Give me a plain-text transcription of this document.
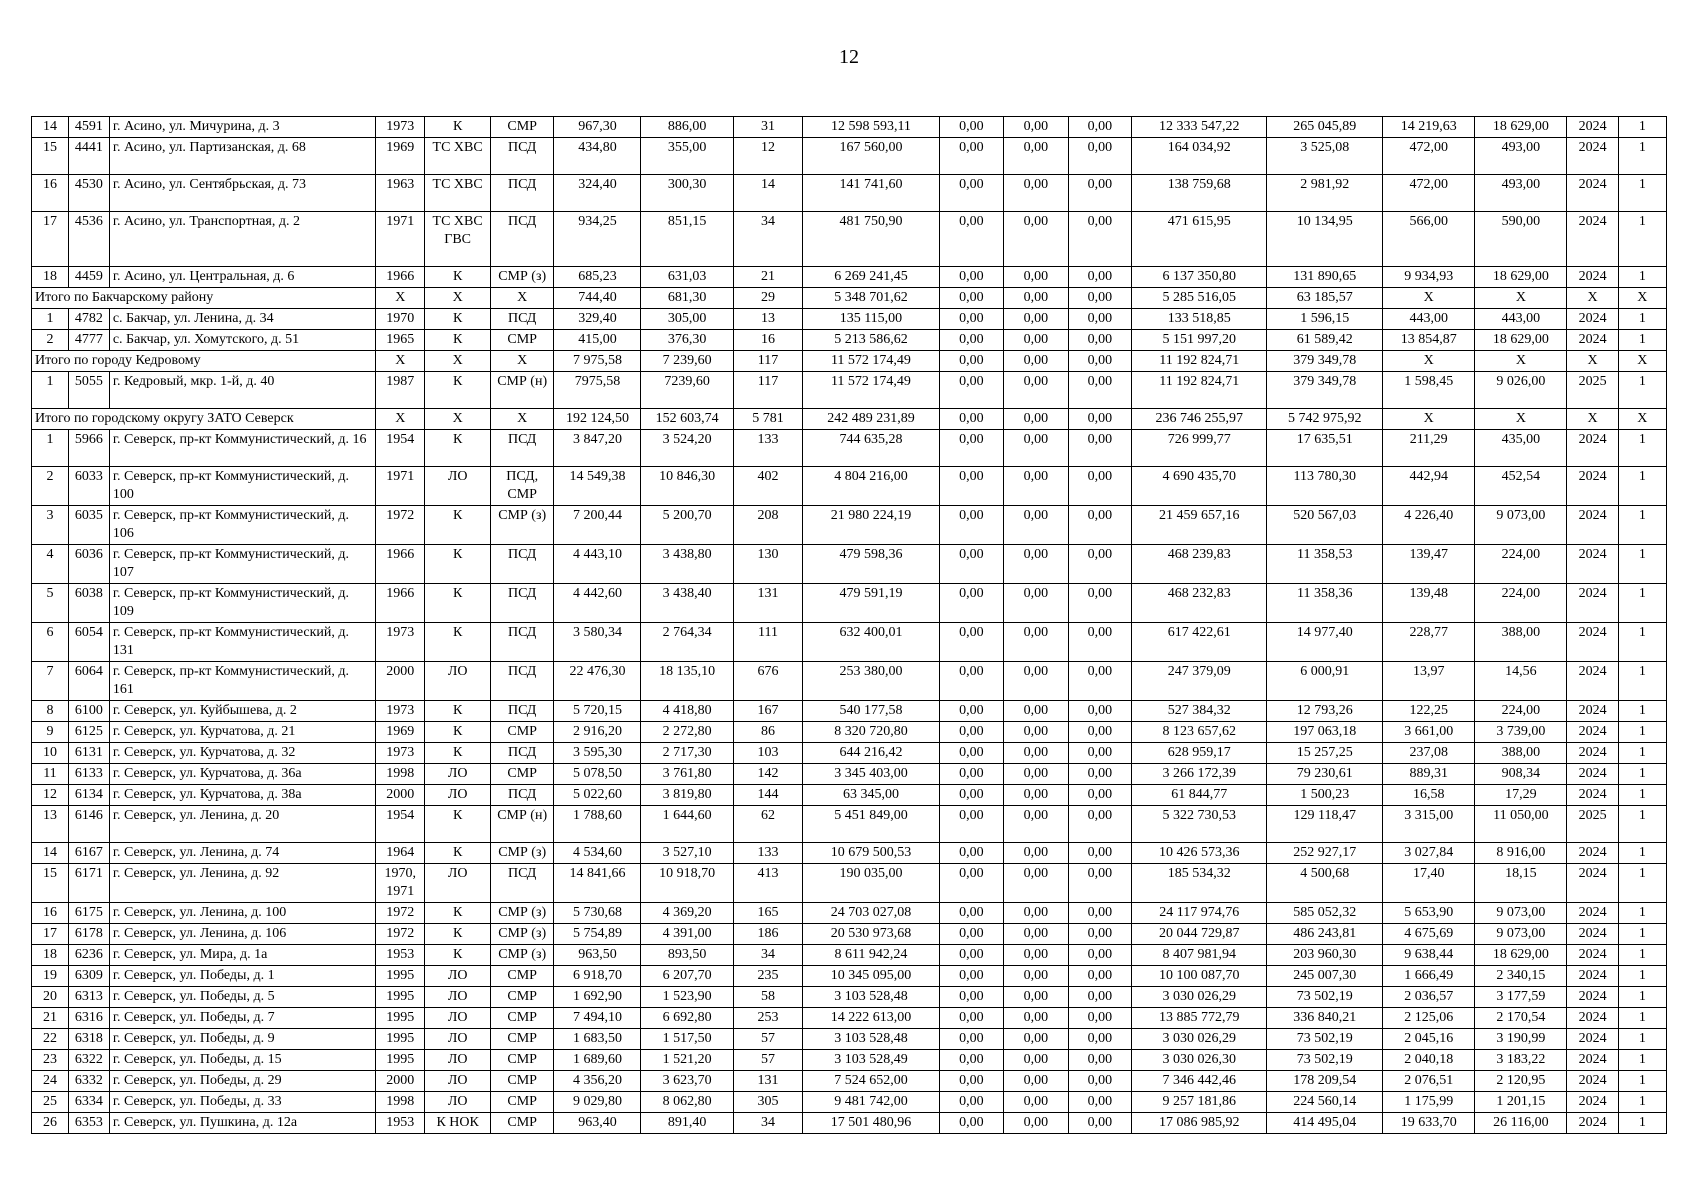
12
14	4591	г. Асино, ул. Мичурина, д. 3	1973	К	СМР	967,30	886,00	31	12 598 593,11	0,00	0,00	0,00	12 333 547,22	265 045,89	14 219,63	18 629,00	2024	1
15	4441	г. Асино, ул. Партизанская, д. 68	1969	ТС ХВС	ПСД	434,80	355,00	12	167 560,00	0,00	0,00	0,00	164 034,92	3 525,08	472,00	493,00	2024	1
16	4530	г. Асино, ул. Сентябрьская, д. 73	1963	ТС ХВС	ПСД	324,40	300,30	14	141 741,60	0,00	0,00	0,00	138 759,68	2 981,92	472,00	493,00	2024	1
17	4536	г. Асино, ул. Транспортная, д. 2	1971	ТС ХВС ГВС	ПСД	934,25	851,15	34	481 750,90	0,00	0,00	0,00	471 615,95	10 134,95	566,00	590,00	2024	1
18	4459	г. Асино, ул. Центральная, д. 6	1966	К	СМР (з)	685,23	631,03	21	6 269 241,45	0,00	0,00	0,00	6 137 350,80	131 890,65	9 934,93	18 629,00	2024	1
Итого по Бакчарскому району			Х	Х	Х	744,40	681,30	29	5 348 701,62	0,00	0,00	0,00	5 285 516,05	63 185,57	Х	Х	Х	Х
1	4782	с. Бакчар, ул. Ленина, д. 34	1970	К	ПСД	329,40	305,00	13	135 115,00	0,00	0,00	0,00	133 518,85	1 596,15	443,00	443,00	2024	1
2	4777	с. Бакчар, ул. Хомутского, д. 51	1965	К	СМР	415,00	376,30	16	5 213 586,62	0,00	0,00	0,00	5 151 997,20	61 589,42	13 854,87	18 629,00	2024	1
Итого по городу Кедровому			Х	Х	Х	7 975,58	7 239,60	117	11 572 174,49	0,00	0,00	0,00	11 192 824,71	379 349,78	Х	Х	Х	Х
1	5055	г. Кедровый, мкр. 1-й, д. 40	1987	К	СМР (н)	7975,58	7239,60	117	11 572 174,49	0,00	0,00	0,00	11 192 824,71	379 349,78	1 598,45	9 026,00	2025	1
Итого по городскому округу ЗАТО Северск			Х	Х	Х	192 124,50	152 603,74	5 781	242 489 231,89	0,00	0,00	0,00	236 746 255,97	5 742 975,92	Х	Х	Х	Х
1	5966	г. Северск, пр-кт Коммунистический, д. 16	1954	К	ПСД	3 847,20	3 524,20	133	744 635,28	0,00	0,00	0,00	726 999,77	17 635,51	211,29	435,00	2024	1
2	6033	г. Северск, пр-кт Коммунистический, д. 100	1971	ЛО	ПСД, СМР	14 549,38	10 846,30	402	4 804 216,00	0,00	0,00	0,00	4 690 435,70	113 780,30	442,94	452,54	2024	1
3	6035	г. Северск, пр-кт Коммунистический, д. 106	1972	К	СМР (з)	7 200,44	5 200,70	208	21 980 224,19	0,00	0,00	0,00	21 459 657,16	520 567,03	4 226,40	9 073,00	2024	1
4	6036	г. Северск, пр-кт Коммунистический, д. 107	1966	К	ПСД	4 443,10	3 438,80	130	479 598,36	0,00	0,00	0,00	468 239,83	11 358,53	139,47	224,00	2024	1
5	6038	г. Северск, пр-кт Коммунистический, д. 109	1966	К	ПСД	4 442,60	3 438,40	131	479 591,19	0,00	0,00	0,00	468 232,83	11 358,36	139,48	224,00	2024	1
6	6054	г. Северск, пр-кт Коммунистический, д. 131	1973	К	ПСД	3 580,34	2 764,34	111	632 400,01	0,00	0,00	0,00	617 422,61	14 977,40	228,77	388,00	2024	1
7	6064	г. Северск, пр-кт Коммунистический, д. 161	2000	ЛО	ПСД	22 476,30	18 135,10	676	253 380,00	0,00	0,00	0,00	247 379,09	6 000,91	13,97	14,56	2024	1
8	6100	г. Северск, ул. Куйбышева, д. 2	1973	К	ПСД	5 720,15	4 418,80	167	540 177,58	0,00	0,00	0,00	527 384,32	12 793,26	122,25	224,00	2024	1
9	6125	г. Северск, ул. Курчатова, д. 21	1969	К	СМР	2 916,20	2 272,80	86	8 320 720,80	0,00	0,00	0,00	8 123 657,62	197 063,18	3 661,00	3 739,00	2024	1
10	6131	г. Северск, ул. Курчатова, д. 32	1973	К	ПСД	3 595,30	2 717,30	103	644 216,42	0,00	0,00	0,00	628 959,17	15 257,25	237,08	388,00	2024	1
11	6133	г. Северск, ул. Курчатова, д. 36а	1998	ЛО	СМР	5 078,50	3 761,80	142	3 345 403,00	0,00	0,00	0,00	3 266 172,39	79 230,61	889,31	908,34	2024	1
12	6134	г. Северск, ул. Курчатова, д. 38а	2000	ЛО	ПСД	5 022,60	3 819,80	144	63 345,00	0,00	0,00	0,00	61 844,77	1 500,23	16,58	17,29	2024	1
13	6146	г. Северск, ул. Ленина, д. 20	1954	К	СМР (н)	1 788,60	1 644,60	62	5 451 849,00	0,00	0,00	0,00	5 322 730,53	129 118,47	3 315,00	11 050,00	2025	1
14	6167	г. Северск, ул. Ленина, д. 74	1964	К	СМР (з)	4 534,60	3 527,10	133	10 679 500,53	0,00	0,00	0,00	10 426 573,36	252 927,17	3 027,84	8 916,00	2024	1
15	6171	г. Северск, ул. Ленина, д. 92	1970, 1971	ЛО	ПСД	14 841,66	10 918,70	413	190 035,00	0,00	0,00	0,00	185 534,32	4 500,68	17,40	18,15	2024	1
16	6175	г. Северск, ул. Ленина, д. 100	1972	К	СМР (з)	5 730,68	4 369,20	165	24 703 027,08	0,00	0,00	0,00	24 117 974,76	585 052,32	5 653,90	9 073,00	2024	1
17	6178	г. Северск, ул. Ленина, д. 106	1972	К	СМР (з)	5 754,89	4 391,00	186	20 530 973,68	0,00	0,00	0,00	20 044 729,87	486 243,81	4 675,69	9 073,00	2024	1
18	6236	г. Северск, ул. Мира, д. 1а	1953	К	СМР (з)	963,50	893,50	34	8 611 942,24	0,00	0,00	0,00	8 407 981,94	203 960,30	9 638,44	18 629,00	2024	1
19	6309	г. Северск, ул. Победы, д. 1	1995	ЛО	СМР	6 918,70	6 207,70	235	10 345 095,00	0,00	0,00	0,00	10 100 087,70	245 007,30	1 666,49	2 340,15	2024	1
20	6313	г. Северск, ул. Победы, д. 5	1995	ЛО	СМР	1 692,90	1 523,90	58	3 103 528,48	0,00	0,00	0,00	3 030 026,29	73 502,19	2 036,57	3 177,59	2024	1
21	6316	г. Северск, ул. Победы, д. 7	1995	ЛО	СМР	7 494,10	6 692,80	253	14 222 613,00	0,00	0,00	0,00	13 885 772,79	336 840,21	2 125,06	2 170,54	2024	1
22	6318	г. Северск, ул. Победы, д. 9	1995	ЛО	СМР	1 683,50	1 517,50	57	3 103 528,48	0,00	0,00	0,00	3 030 026,29	73 502,19	2 045,16	3 190,99	2024	1
23	6322	г. Северск, ул. Победы, д. 15	1995	ЛО	СМР	1 689,60	1 521,20	57	3 103 528,49	0,00	0,00	0,00	3 030 026,30	73 502,19	2 040,18	3 183,22	2024	1
24	6332	г. Северск, ул. Победы, д. 29	2000	ЛО	СМР	4 356,20	3 623,70	131	7 524 652,00	0,00	0,00	0,00	7 346 442,46	178 209,54	2 076,51	2 120,95	2024	1
25	6334	г. Северск, ул. Победы, д. 33	1998	ЛО	СМР	9 029,80	8 062,80	305	9 481 742,00	0,00	0,00	0,00	9 257 181,86	224 560,14	1 175,99	1 201,15	2024	1
26	6353	г. Северск, ул. Пушкина, д. 12а	1953	К НОК	СМР	963,40	891,40	34	17 501 480,96	0,00	0,00	0,00	17 086 985,92	414 495,04	19 633,70	26 116,00	2024	1
